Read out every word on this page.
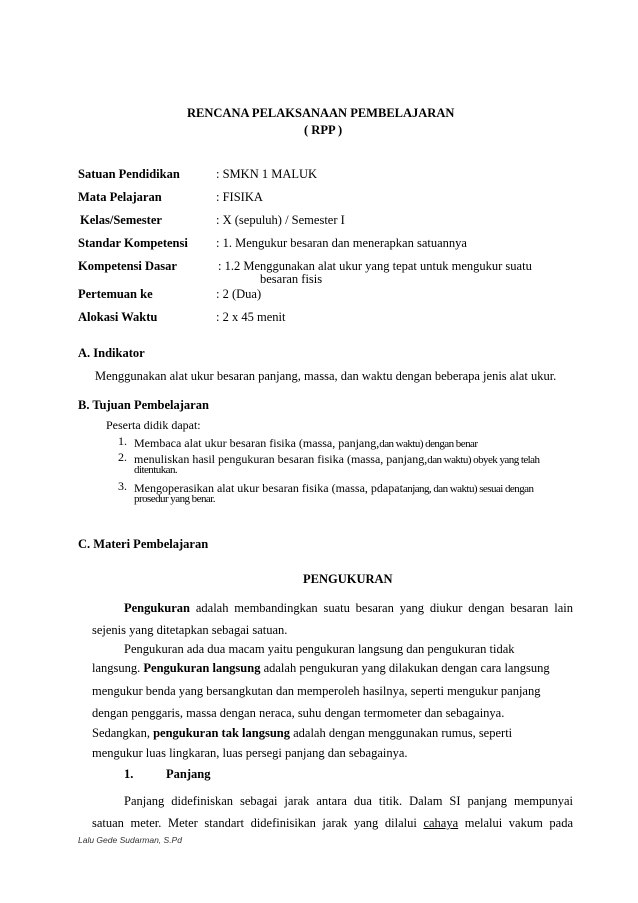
RENCANA PELAKSANAAN PEMBELAJARAN
( RPP )
Satuan Pendidikan	: SMKN 1 MALUK
Mata Pelajaran	: FISIKA
Kelas/Semester	: X (sepuluh) / Semester I
Standar Kompetensi : 1. Mengukur besaran dan menerapkan satuannya
Kompetensi Dasar	: 1.2 Menggunakan alat ukur yang tepat untuk mengukur suatu
besaran fisis
Pertemuan ke	: 2 (Dua)
Alokasi Waktu	: 2 x 45 menit
A. Indikator
Menggunakan alat ukur besaran panjang, massa, dan waktu dengan beberapa jenis alat ukur.
B. Tujuan Pembelajaran
Peserta didik dapat:
1. Membaca alat ukur besaran fisika (massa, panjang,dan waktu) dengan benar
2. menuliskan hasil pengukuran besaran fisika (massa, panjang,dan waktu) obyek yang telah
ditentukan.
3. Mengoperasikan alat ukur besaran fisika (massa, pdapatanjang, dan waktu) sesuai dengan
prosedur yang benar.
C. Materi Pembelajaran
PENGUKURAN
Pengukuran adalah membandingkan suatu besaran yang diukur dengan besaran lain
sejenis yang ditetapkan sebagai satuan.
Pengukuran ada dua macam yaitu pengukuran langsung dan pengukuran tidak
langsung. Pengukuran langsung adalah pengukuran yang dilakukan dengan cara langsung
mengukur benda yang bersangkutan dan memperoleh hasilnya, seperti mengukur panjang
dengan penggaris, massa dengan neraca, suhu dengan termometer dan sebagainya.
Sedangkan, pengukuran tak langsung adalah dengan menggunakan rumus, seperti
mengukur luas lingkaran, luas persegi panjang dan sebagainya.
1.	Panjang
Panjang didefiniskan sebagai jarak antara dua titik. Dalam SI panjang mempunyai
satuan meter. Meter standart didefinisikan jarak yang dilalui cahaya melalui vakum pada
Lalu Gede Sudarman, S.Pd
